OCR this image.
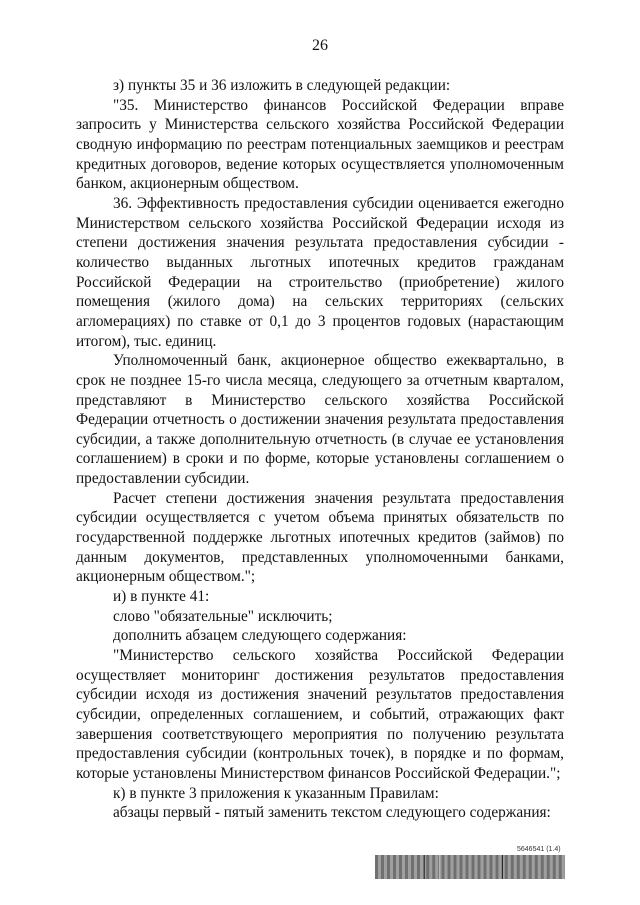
26

з) пункты 35 и 36 изложить в следующей редакции:

"35. Министерство финансов Российской Федерации вправе запросить у Министерства сельского хозяйства Российской Федерации сводную информацию по реестрам потенциальных заемщиков и реестрам кредитных договоров, ведение которых осуществляется уполномоченным банком, акционерным обществом.

36. Эффективность предоставления субсидии оценивается ежегодно Министерством сельского хозяйства Российской Федерации исходя из степени достижения значения результата предоставления субсидии - количество выданных льготных ипотечных кредитов гражданам Российской Федерации на строительство (приобретение) жилого помещения (жилого дома) на сельских территориях (сельских агломерациях) по ставке от 0,1 до 3 процентов годовых (нарастающим итогом), тыс. единиц.

Уполномоченный банк, акционерное общество ежеквартально, в срок не позднее 15-го числа месяца, следующего за отчетным кварталом, представляют в Министерство сельского хозяйства Российской Федерации отчетность о достижении значения результата предоставления субсидии, а также дополнительную отчетность (в случае ее установления соглашением) в сроки и по форме, которые установлены соглашением о предоставлении субсидии.

Расчет степени достижения значения результата предоставления субсидии осуществляется с учетом объема принятых обязательств по государственной поддержке льготных ипотечных кредитов (займов) по данным документов, представленных уполномоченными банками, акционерным обществом.";

и) в пункте 41:

слово "обязательные" исключить;

дополнить абзацем следующего содержания:

"Министерство сельского хозяйства Российской Федерации осуществляет мониторинг достижения результатов предоставления субсидии исходя из достижения значений результатов предоставления субсидии, определенных соглашением, и событий, отражающих факт завершения соответствующего мероприятия по получению результата предоставления субсидии (контрольных точек), в порядке и по формам, которые установлены Министерством финансов Российской Федерации.";

к) в пункте 3 приложения к указанным Правилам:

абзацы первый - пятый заменить текстом следующего содержания:

5646541 (1.4)
